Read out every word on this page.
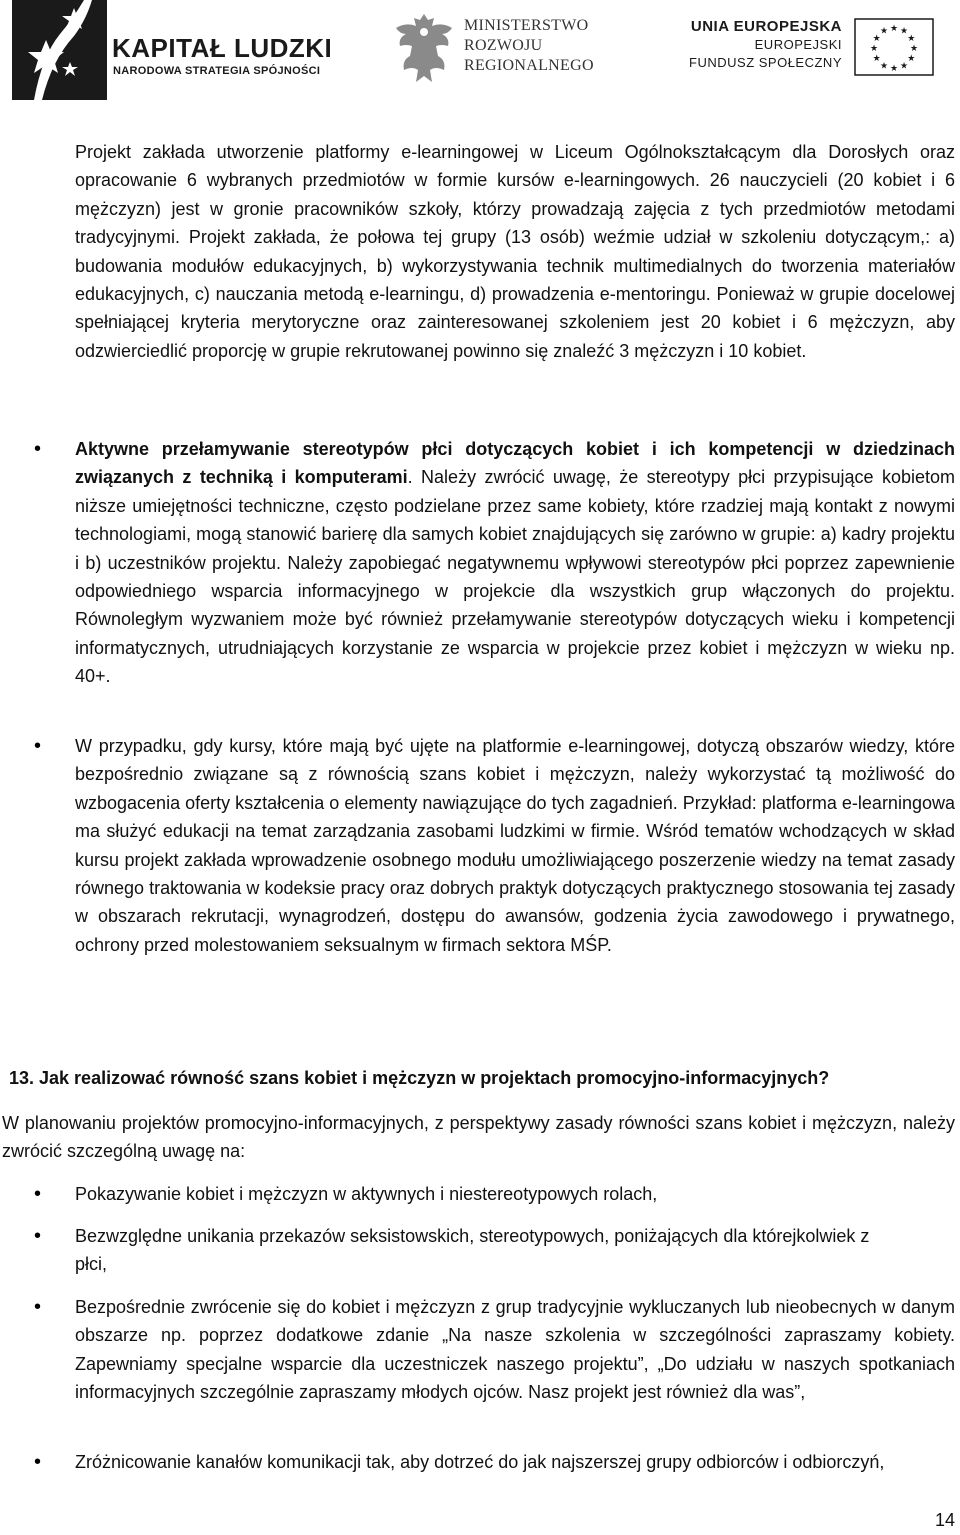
KAPITAŁ LUDZKI
NARODOWA STRATEGIA SPÓJNOŚCI
MINISTERSTWO
ROZWOJU
REGIONALNEGO
UNIA EUROPEJSKA
EUROPEJSKI
FUNDUSZ SPOŁECZNY
★ ★
★
★
★
★
★
★
★
★
★
★

Projekt zakłada utworzenie platformy e-learningowej w Liceum Ogólnokształcącym dla Dorosłych oraz opracowanie 6 wybranych przedmiotów w formie kursów e-learningowych. 26 nauczycieli (20 kobiet i 6 mężczyzn) jest w gronie pracowników szkoły, którzy prowadzają zajęcia z tych przedmiotów metodami tradycyjnymi. Projekt zakłada, że połowa tej grupy (13 osób) weźmie udział w szkoleniu dotyczącym,: a) budowania modułów edukacyjnych, b) wykorzystywania technik multimedialnych do tworzenia materiałów edukacyjnych, c) nauczania metodą e-learningu, d) prowadzenia e-mentoringu. Ponieważ w grupie docelowej spełniającej kryteria merytoryczne oraz zainteresowanej szkoleniem jest 20 kobiet i 6 mężczyzn, aby odzwierciedlić proporcję w grupie rekrutowanej powinno się znaleźć 3 mężczyzn i 10 kobiet.

• Aktywne przełamywanie stereotypów płci dotyczących kobiet i ich kompetencji w dziedzinach związanych z techniką i komputerami. Należy zwrócić uwagę, że stereotypy płci przypisujące kobietom niższe umiejętności techniczne, często podzielane przez same kobiety, które rzadziej mają kontakt z nowymi technologiami, mogą stanowić barierę dla samych kobiet znajdujących się zarówno w grupie: a) kadry projektu i b) uczestników projektu. Należy zapobiegać negatywnemu wpływowi stereotypów płci poprzez zapewnienie odpowiedniego wsparcia informacyjnego w projekcie dla wszystkich grup włączonych do projektu. Równoległym wyzwaniem może być również przełamywanie stereotypów dotyczących wieku i kompetencji informatycznych, utrudniających korzystanie ze wsparcia w projekcie przez kobiet i mężczyzn w wieku np. 40+.

• W przypadku, gdy kursy, które mają być ujęte na platformie e-learningowej, dotyczą obszarów wiedzy, które bezpośrednio związane są z równością szans kobiet i mężczyzn, należy wykorzystać tą możliwość do wzbogacenia oferty kształcenia o elementy nawiązujące do tych zagadnień. Przykład: platforma e-learningowa ma służyć edukacji na temat zarządzania zasobami ludzkimi w firmie. Wśród tematów wchodzących w skład kursu projekt zakłada wprowadzenie osobnego modułu umożliwiającego poszerzenie wiedzy na temat zasady równego traktowania w kodeksie pracy oraz dobrych praktyk dotyczących praktycznego stosowania tej zasady w obszarach rekrutacji, wynagrodzeń, dostępu do awansów, godzenia życia zawodowego i prywatnego, ochrony przed molestowaniem seksualnym w firmach sektora MŚP.

13. Jak realizować równość szans kobiet i mężczyzn w projektach promocyjno-informacyjnych?

W planowaniu projektów promocyjno-informacyjnych, z perspektywy zasady równości szans kobiet i mężczyzn, należy zwrócić szczególną uwagę na:

• Pokazywanie kobiet i mężczyzn w aktywnych i niestereotypowych rolach,

• Bezwzględne unikania przekazów seksistowskich, stereotypowych, poniżających dla którejkolwiek z płci,

• Bezpośrednie zwrócenie się do kobiet i mężczyzn z grup tradycyjnie wykluczanych lub nieobecnych w danym obszarze np. poprzez dodatkowe zdanie „Na nasze szkolenia w szczególności zapraszamy kobiety. Zapewniamy specjalne wsparcie dla uczestniczek naszego projektu”, „Do udziału w naszych spotkaniach informacyjnych szczególnie zapraszamy młodych ojców. Nasz projekt jest również dla was”,

• Zróżnicowanie kanałów komunikacji tak, aby dotrzeć do jak najszerszej grupy odbiorców i odbiorczyń,

14
